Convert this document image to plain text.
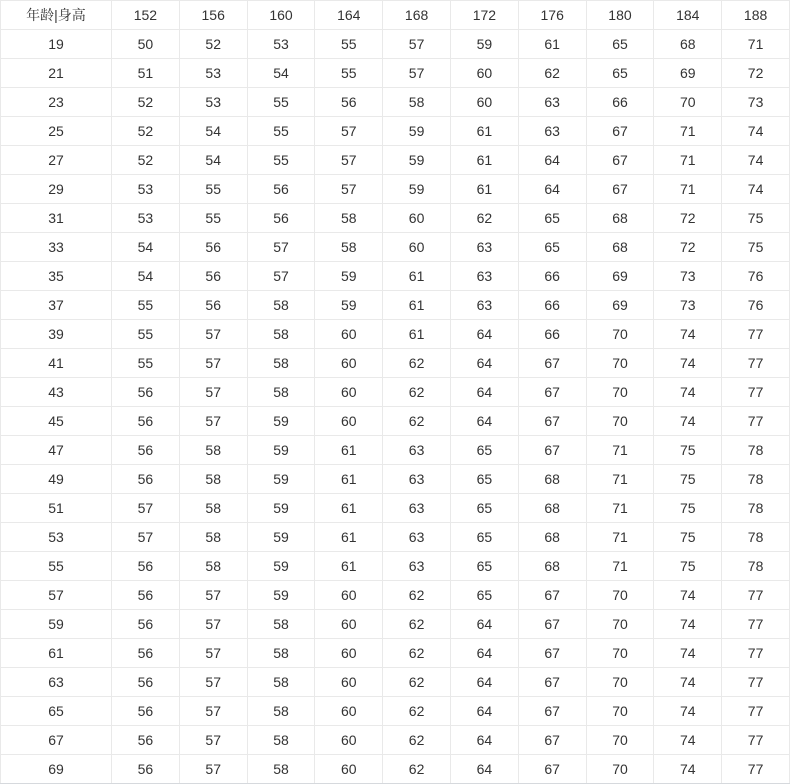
年龄|身高	152	156	160	164	168	172	176	180	184	188
19	50	52	53	55	57	59	61	65	68	71
21	51	53	54	55	57	60	62	65	69	72
23	52	53	55	56	58	60	63	66	70	73
25	52	54	55	57	59	61	63	67	71	74
27	52	54	55	57	59	61	64	67	71	74
29	53	55	56	57	59	61	64	67	71	74
31	53	55	56	58	60	62	65	68	72	75
33	54	56	57	58	60	63	65	68	72	75
35	54	56	57	59	61	63	66	69	73	76
37	55	56	58	59	61	63	66	69	73	76
39	55	57	58	60	61	64	66	70	74	77
41	55	57	58	60	62	64	67	70	74	77
43	56	57	58	60	62	64	67	70	74	77
45	56	57	59	60	62	64	67	70	74	77
47	56	58	59	61	63	65	67	71	75	78
49	56	58	59	61	63	65	68	71	75	78
51	57	58	59	61	63	65	68	71	75	78
53	57	58	59	61	63	65	68	71	75	78
55	56	58	59	61	63	65	68	71	75	78
57	56	57	59	60	62	65	67	70	74	77
59	56	57	58	60	62	64	67	70	74	77
61	56	57	58	60	62	64	67	70	74	77
63	56	57	58	60	62	64	67	70	74	77
65	56	57	58	60	62	64	67	70	74	77
67	56	57	58	60	62	64	67	70	74	77
69	56	57	58	60	62	64	67	70	74	77
